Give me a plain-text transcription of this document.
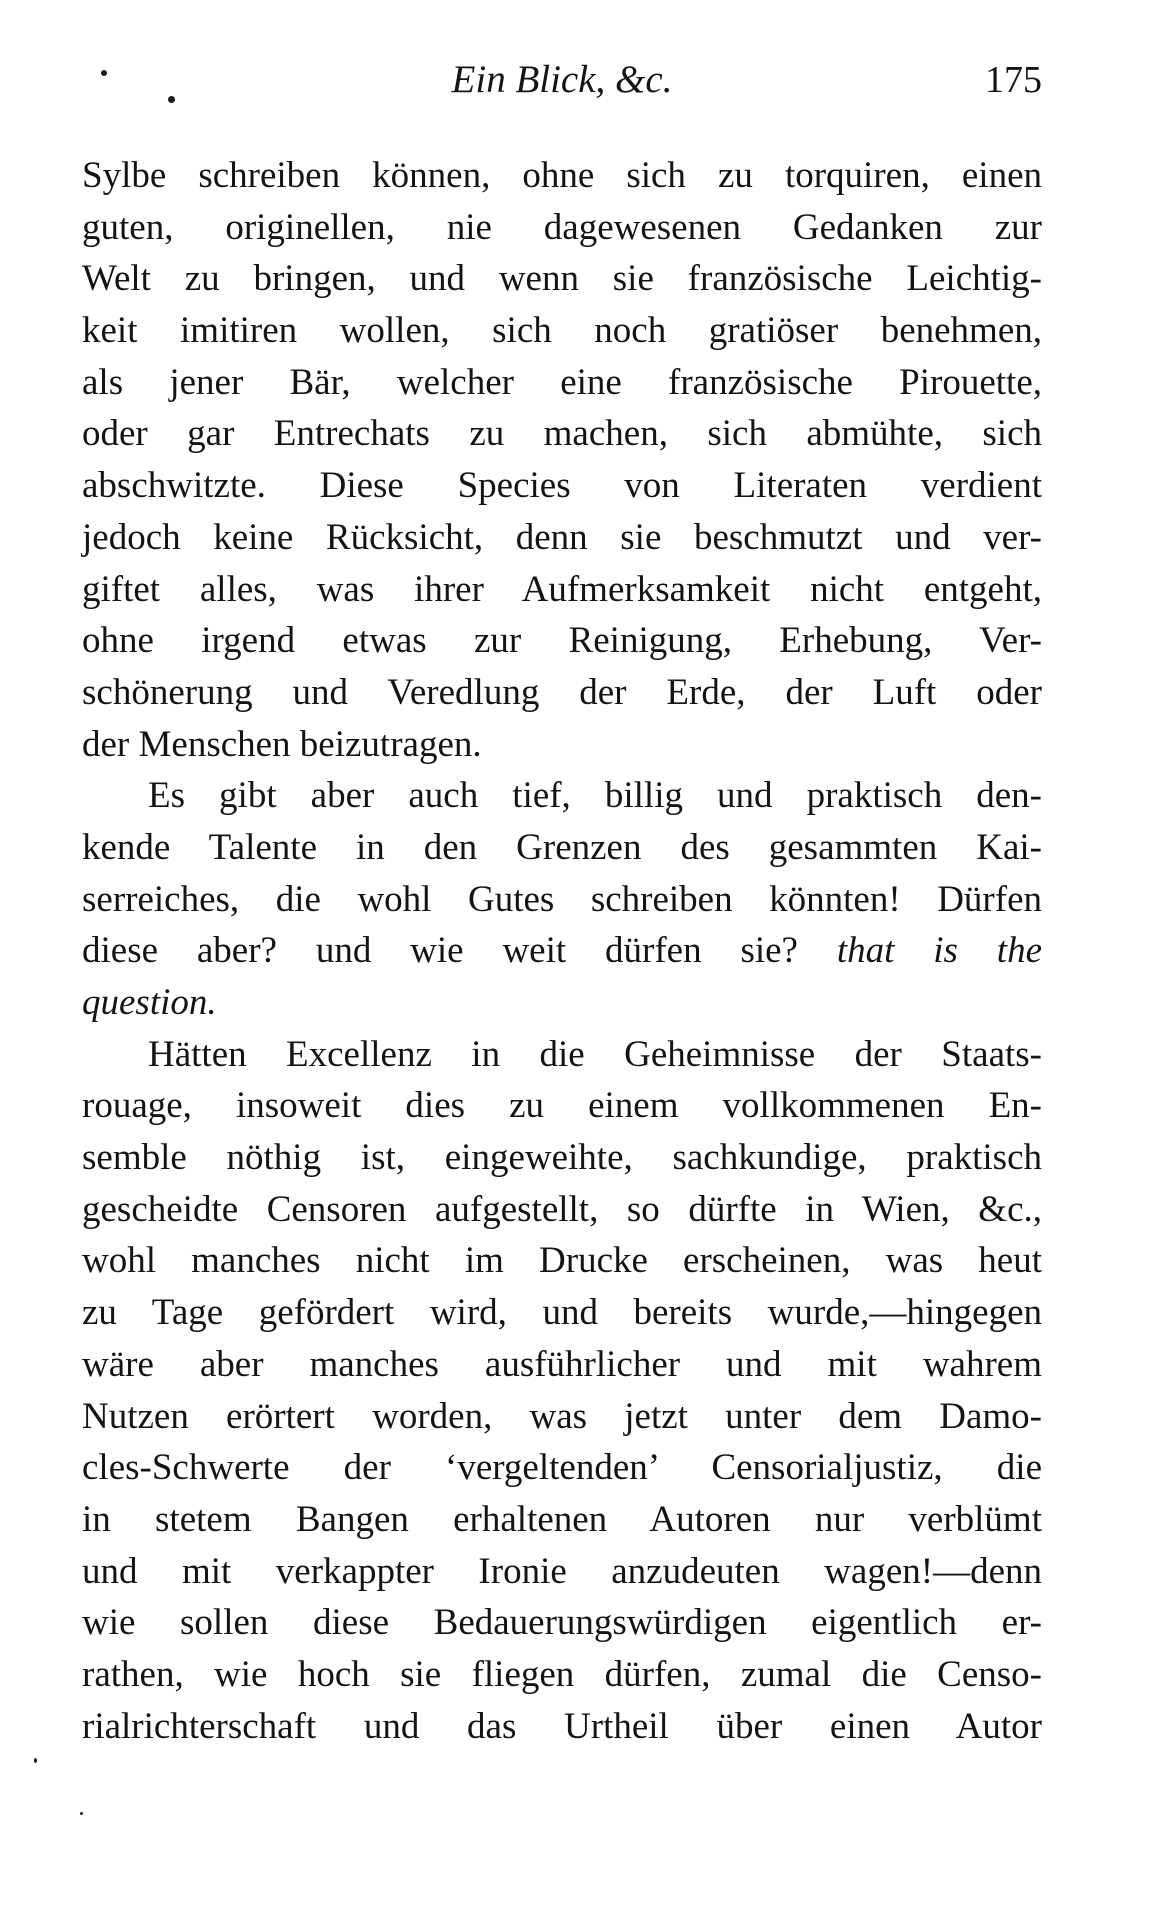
Ein Blick, &c.	175
Sylbe schreiben können, ohne sich zu torquiren, einen
guten, originellen, nie dagewesenen Gedanken zur
Welt zu bringen, und wenn sie französische Leichtig-
keit imitiren wollen, sich noch gratiöser benehmen,
als jener Bär, welcher eine französische Pirouette,
oder gar Entrechats zu machen, sich abmühte, sich
abschwitzte. Diese Species von Literaten verdient
jedoch keine Rücksicht, denn sie beschmutzt und ver-
giftet alles, was ihrer Aufmerksamkeit nicht entgeht,
ohne irgend etwas zur Reinigung, Erhebung, Ver-
schönerung und Veredlung der Erde, der Luft oder
der Menschen beizutragen.
Es gibt aber auch tief, billig und praktisch den-
kende Talente in den Grenzen des gesammten Kai-
serreiches, die wohl Gutes schreiben könnten! Dürfen
diese aber? und wie weit dürfen sie? that is the
question.
Hätten Excellenz in die Geheimnisse der Staats-
rouage, insoweit dies zu einem vollkommenen En-
semble nöthig ist, eingeweihte, sachkundige, praktisch
gescheidte Censoren aufgestellt, so dürfte in Wien, &c.,
wohl manches nicht im Drucke erscheinen, was heut
zu Tage gefördert wird, und bereits wurde,—hingegen
wäre aber manches ausführlicher und mit wahrem
Nutzen erörtert worden, was jetzt unter dem Damo-
cles-Schwerte der ‘vergeltenden’ Censorialjustiz, die
in stetem Bangen erhaltenen Autoren nur verblümt
und mit verkappter Ironie anzudeuten wagen!—denn
wie sollen diese Bedauerungswürdigen eigentlich er-
rathen, wie hoch sie fliegen dürfen, zumal die Censo-
rialrichterschaft und das Urtheil über einen Autor
